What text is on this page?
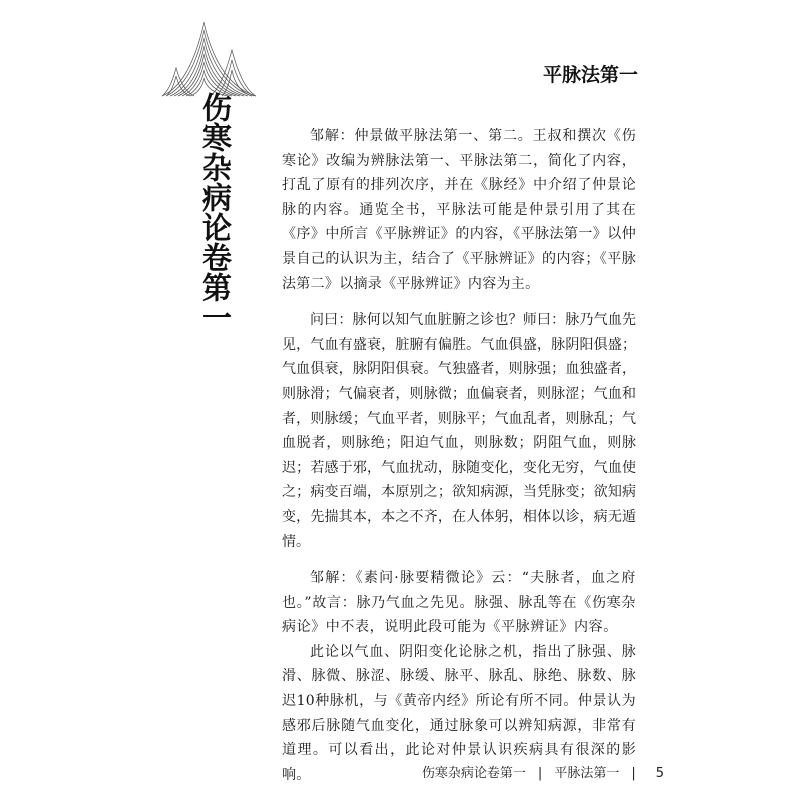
伤寒杂病论卷第一
平脉法第一

邹解：仲景做平脉法第一、第二。王叔和撰次《伤寒论》改编为辨脉法第一、平脉法第二，简化了内容，打乱了原有的排列次序，并在《脉经》中介绍了仲景论脉的内容。通览全书，平脉法可能是仲景引用了其在《序》中所言《平脉辨证》的内容，《平脉法第一》以仲景自己的认识为主，结合了《平脉辨证》的内容；《平脉法第二》以摘录《平脉辨证》内容为主。

问曰：脉何以知气血脏腑之诊也？师曰：脉乃气血先见，气血有盛衰，脏腑有偏胜。气血俱盛，脉阴阳俱盛；气血俱衰，脉阴阳俱衰。气独盛者，则脉强；血独盛者，则脉滑；气偏衰者，则脉微；血偏衰者，则脉涩；气血和者，则脉缓；气血平者，则脉平；气血乱者，则脉乱；气血脱者，则脉绝；阳迫气血，则脉数；阴阻气血，则脉迟；若感于邪，气血扰动，脉随变化，变化无穷，气血使之；病变百端，本原别之；欲知病源，当凭脉变；欲知病变，先揣其本，本之不齐，在人体躬，相体以诊，病无遁情。

邹解：《素问·脉要精微论》云：“夫脉者，血之府也。”故言：脉乃气血之先见。脉强、脉乱等在《伤寒杂病论》中不表，说明此段可能为《平脉辨证》内容。

此论以气血、阴阳变化论脉之机，指出了脉强、脉滑、脉微、脉涩、脉缓、脉平、脉乱、脉绝、脉数、脉迟10种脉机，与《黄帝内经》所论有所不同。仲景认为感邪后脉随气血变化，通过脉象可以辨知病源，非常有道理。可以看出，此论对仲景认识疾病具有很深的影响。	伤寒杂病论卷第一 | 平脉法第一 | 5
